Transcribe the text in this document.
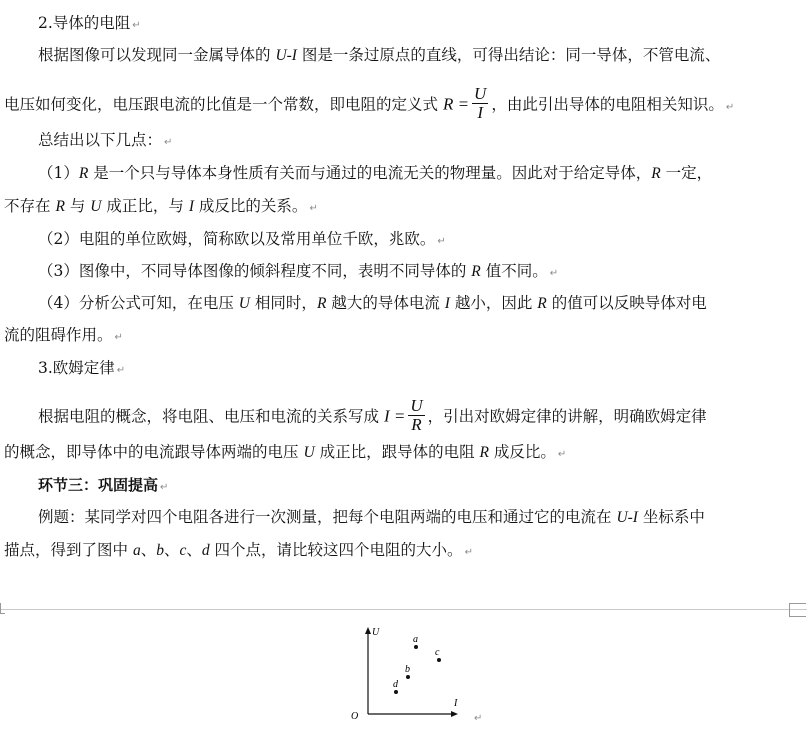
2.导体的电阻 ↵
根据图像可以发现同一金属导体的 U-I 图是一条过原点的直线，可得出结论：同一导体，不管电流、
电压如何变化，电压跟电流的比值是一个常数，即电阻的定义式 $R = \frac{U}{I}$ ，由此引出导体的电阻相关知识。 ↵
总结出以下几点： ↵
（1）R 是一个只与导体本身性质有关而与通过的电流无关的物理量。因此对于给定导体，R 一定，
不存在 R 与 U 成正比，与 I 成反比的关系。 ↵
（2）电阻的单位欧姆，简称欧以及常用单位千欧，兆欧。 ↵
（3）图像中，不同导体图像的倾斜程度不同，表明不同导体的 R 值不同。 ↵
（4）分析公式可知，在电压 U 相同时，R 越大的导体电流 I 越小，因此 R 的值可以反映导体对电
流的阻碍作用。 ↵
3.欧姆定律 ↵
根据电阻的概念，将电阻、电压和电流的关系写成 $I = \frac{U}{R}$ ，引出对欧姆定律的讲解，明确欧姆定律
的概念，即导体中的电流跟导体两端的电压 U 成正比，跟导体的电阻 R 成反比。 ↵
环节三：巩固提高 ↵
例题：某同学对四个电阻各进行一次测量，把每个电阻两端的电压和通过它的电流在 U-I 坐标系中
描点，得到了图中 a、b、c、d 四个点，请比较这四个电阻的大小。 ↵
U
I
O
a
b
c
d
↵
